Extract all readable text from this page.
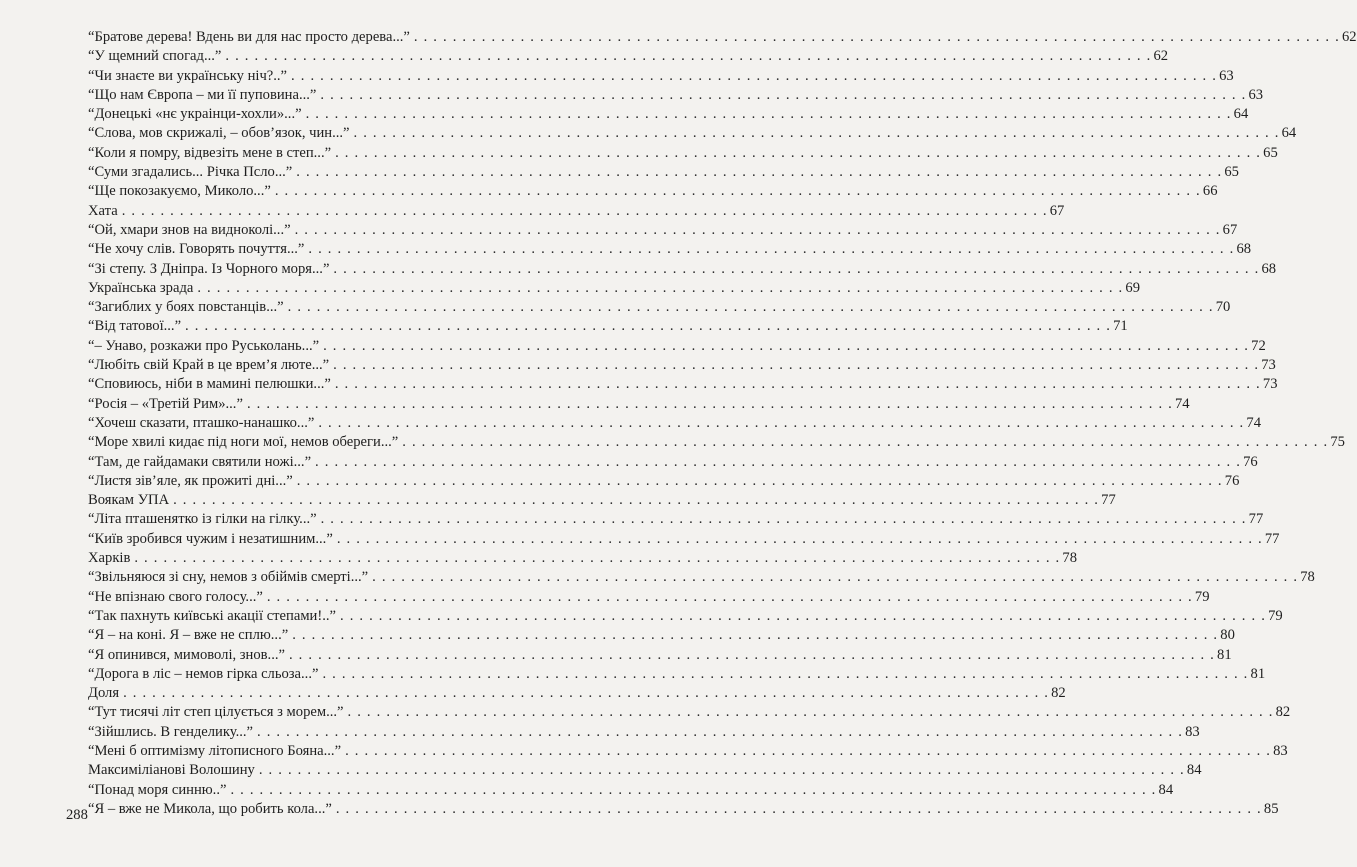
“Братове дерева! Вдень ви для нас просто дерева...” . . .	62
“У щемний спогад...” . . .	62
“Чи знаєте ви українську ніч?..” . . .	63
“Що нам Європа – ми її пуповина...” . . .	63
“Донецькі «нє украінци-хохли»...” . . .	64
“Слова, мов скрижалі, – обов’язок, чин...” . . .	64
“Коли я помру, відвезіть мене в степ...” . . .	65
“Суми згадались... Річка Псло...” . . .	65
“Ще покозакуємо, Миколо...” . . .	66
Хата . . .	67
“Ой, хмари знов на видноколі...” . . .	67
“Не хочу слів. Говорять почуття...” . . .	68
“Зі степу. З Дніпра. Із Чорного моря...” . . .	68
Українська зрада . . .	69
“Загиблих у боях повстанців...” . . .	70
“Від татової...” . . .	71
“– Унаво, розкажи про Руськолань...” . . .	72
“Любіть свій Край в це врем’я люте...” . . .	73
“Сповиюсь, ніби в мамині пелюшки...” . . .	73
“Росія – «Третій Рим»...” . . .	74
“Хочеш сказати, пташко-нанашко...” . . .	74
“Море хвилі кидає під ноги мої, немов обереги...” . . .	75
“Там, де гайдамаки святили ножі...” . . .	76
“Листя зів’яле, як прожиті дні...” . . .	76
Воякам УПА . . .	77
“Літа пташенятко із гілки на гілку...” . . .	77
“Київ зробився чужим і незатишним...” . . .	77
Харків . . .	78
“Звільняюся зі сну, немов з обіймів смерті...” . . .	78
“Не впізнаю свого голосу...” . . .	79
“Так пахнуть київські акації степами!..” . . .	79
“Я – на коні. Я – вже не сплю...” . . .	80
“Я опинився, мимоволі, знов...” . . .	81
“Дорога в ліс – немов гірка сльоза...” . . .	81
Доля . . .	82
“Тут тисячі літ степ цілується з морем...” . . .	82
“Зійшлись. В генделику...” . . .	83
“Мені б оптимізму літописного Бояна...” . . .	83
Максиміліанові Волошину . . .	84
“Понад моря синню..” . . .	84
“Я – вже не Микола, що робить кола...” . . .	85
288
